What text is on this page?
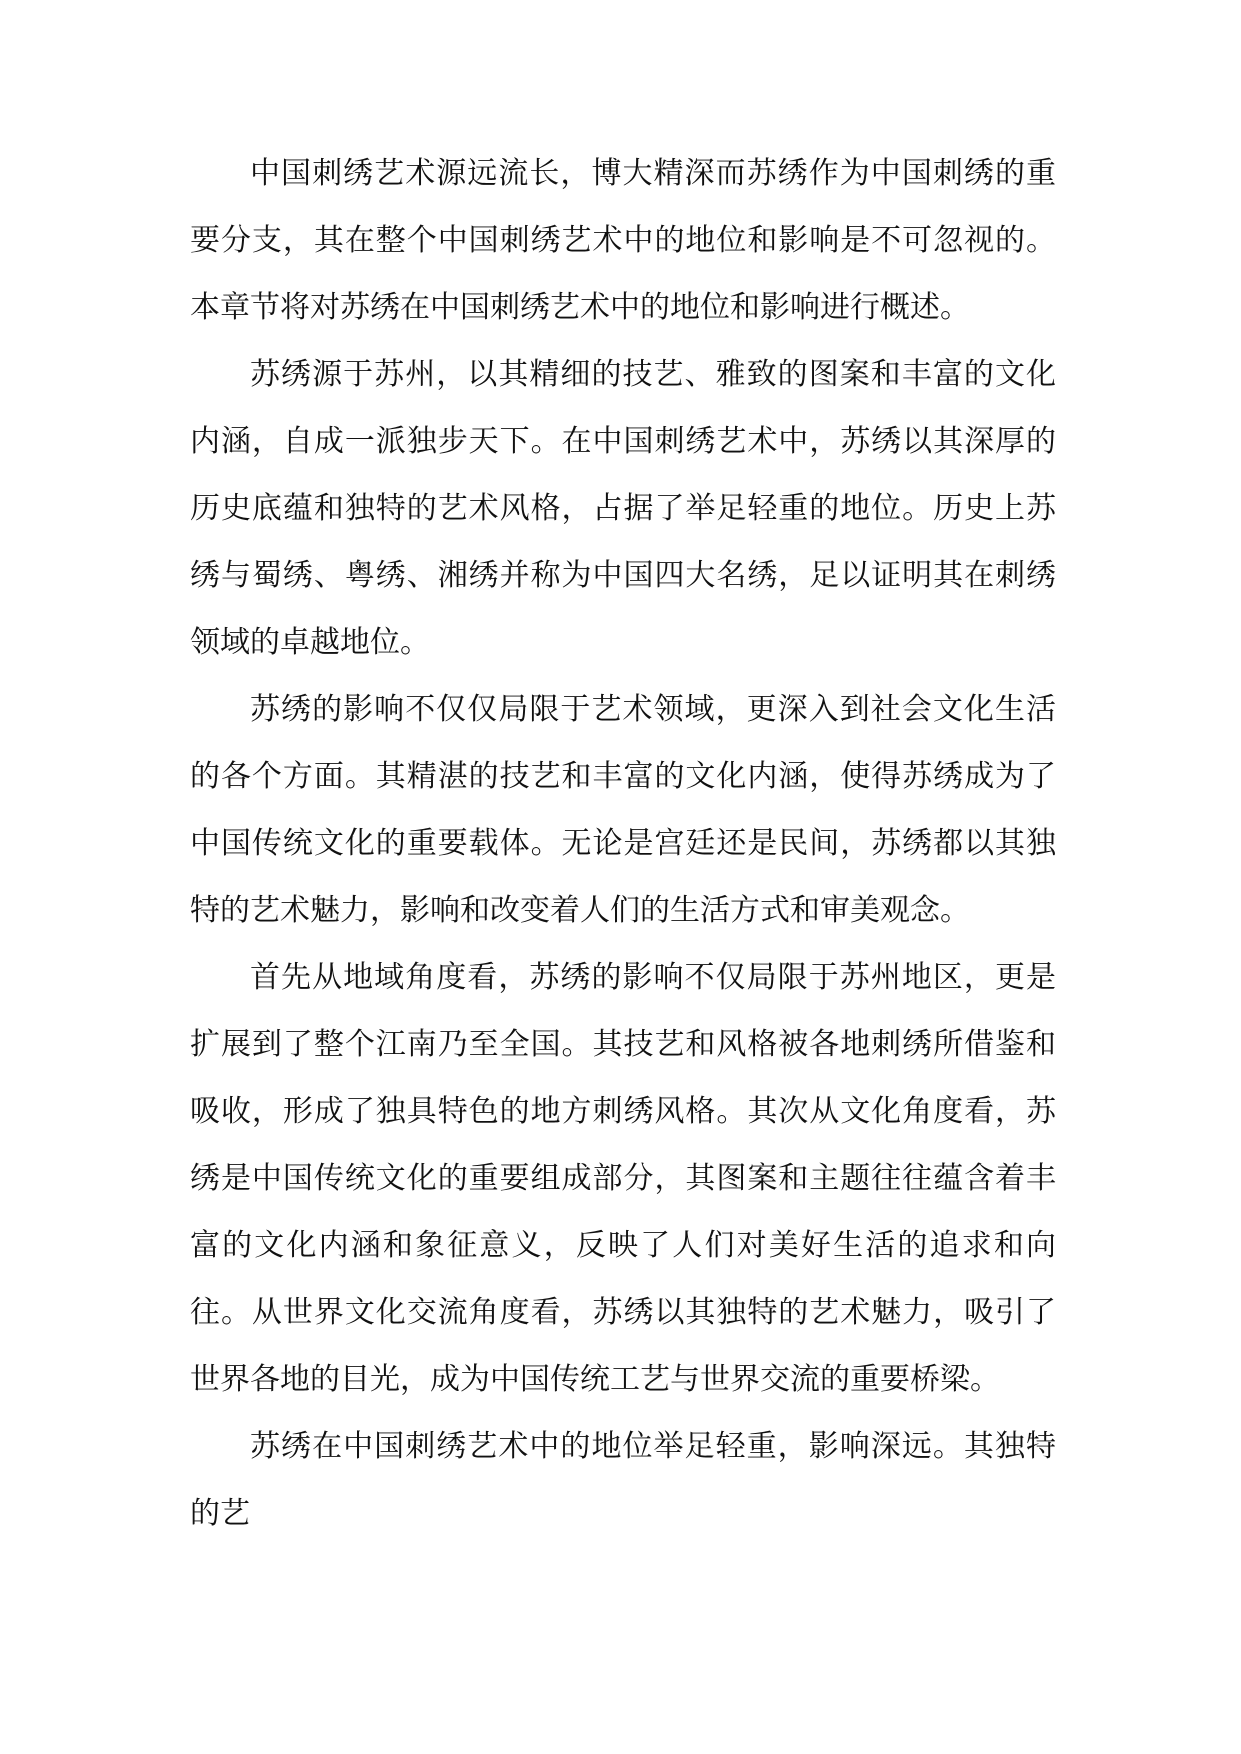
中国刺绣艺术源远流长，博大精深而苏绣作为中国刺绣的重要分支，其在整个中国刺绣艺术中的地位和影响是不可忽视的。本章节将对苏绣在中国刺绣艺术中的地位和影响进行概述。

苏绣源于苏州，以其精细的技艺、雅致的图案和丰富的文化内涵，自成一派独步天下。在中国刺绣艺术中，苏绣以其深厚的历史底蕴和独特的艺术风格，占据了举足轻重的地位。历史上苏绣与蜀绣、粤绣、湘绣并称为中国四大名绣，足以证明其在刺绣领域的卓越地位。

苏绣的影响不仅仅局限于艺术领域，更深入到社会文化生活的各个方面。其精湛的技艺和丰富的文化内涵，使得苏绣成为了中国传统文化的重要载体。无论是宫廷还是民间，苏绣都以其独特的艺术魅力，影响和改变着人们的生活方式和审美观念。

首先从地域角度看，苏绣的影响不仅局限于苏州地区，更是扩展到了整个江南乃至全国。其技艺和风格被各地刺绣所借鉴和吸收，形成了独具特色的地方刺绣风格。其次从文化角度看，苏绣是中国传统文化的重要组成部分，其图案和主题往往蕴含着丰富的文化内涵和象征意义，反映了人们对美好生活的追求和向往。从世界文化交流角度看，苏绣以其独特的艺术魅力，吸引了世界各地的目光，成为中国传统工艺与世界交流的重要桥梁。

苏绣在中国刺绣艺术中的地位举足轻重，影响深远。其独特的艺
